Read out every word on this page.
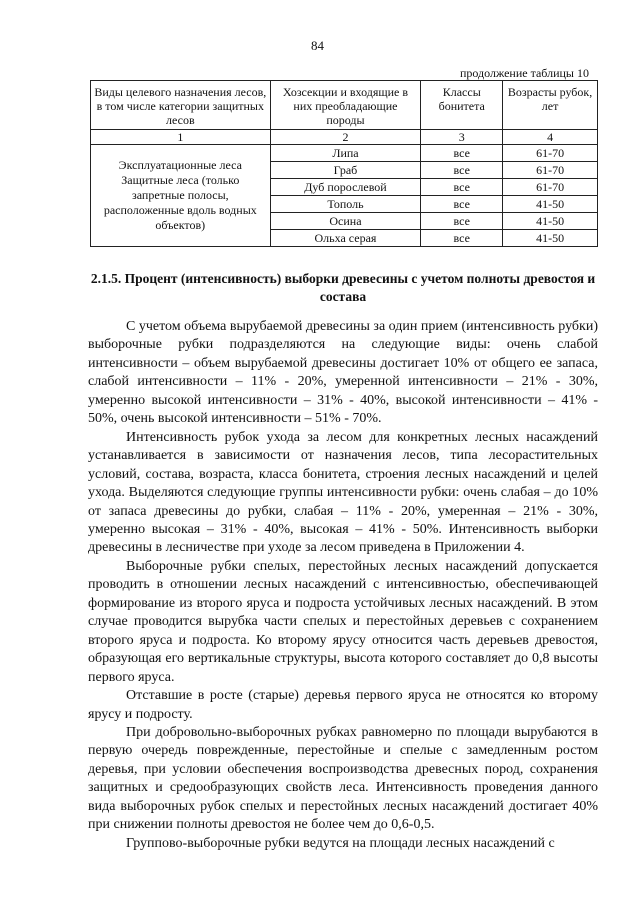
84
продолжение таблицы 10
Виды целевого назначения лесов, в том числе категории защитных лесов	Хозсекции и входящие в них преобладающие породы	Классы бонитета	Возрасты рубок, лет
1	2	3	4
Эксплуатационные леса Защитные леса (только запретные полосы, расположенные вдоль водных объектов)	Липа	все	61-70
	Граб	все	61-70
	Дуб порослевой	все	61-70
	Тополь	все	41-50
	Осина	все	41-50
	Ольха серая	все	41-50
2.1.5. Процент (интенсивность) выборки древесины с учетом полноты древостоя и состава

С учетом объема вырубаемой древесины за один прием (интенсивность рубки) выборочные рубки подразделяются на следующие виды: очень слабой интенсивности – объем вырубаемой древесины достигает 10% от общего ее запаса, слабой интенсивности – 11% - 20%, умеренной интенсивности – 21% - 30%, умеренно высокой интенсивности – 31% - 40%, высокой интенсивности – 41% - 50%, очень высокой интенсивности – 51% - 70%.

Интенсивность рубок ухода за лесом для конкретных лесных насаждений устанавливается в зависимости от назначения лесов, типа лесорастительных условий, состава, возраста, класса бонитета, строения лесных насаждений и целей ухода. Выделяются следующие группы интенсивности рубки: очень слабая – до 10% от запаса древесины до рубки, слабая – 11% - 20%, умеренная – 21% - 30%, умеренно высокая – 31% - 40%, высокая – 41% - 50%. Интенсивность выборки древесины в лесничестве при уходе за лесом приведена в Приложении 4.

Выборочные рубки спелых, перестойных лесных насаждений допускается проводить в отношении лесных насаждений с интенсивностью, обеспечивающей формирование из второго яруса и подроста устойчивых лесных насаждений. В этом случае проводится вырубка части спелых и перестойных деревьев с сохранением второго яруса и подроста. Ко второму ярусу относится часть деревьев древостоя, образующая его вертикальные структуры, высота которого составляет до 0,8 высоты первого яруса.

Отставшие в росте (старые) деревья первого яруса не относятся ко второму ярусу и подросту.

При добровольно-выборочных рубках равномерно по площади вырубаются в первую очередь поврежденные, перестойные и спелые с замедленным ростом деревья, при условии обеспечения воспроизводства древесных пород, сохранения защитных и средообразующих свойств леса. Интенсивность проведения данного вида выборочных рубок спелых и перестойных лесных насаждений достигает 40% при снижении полноты древостоя не более чем до 0,6-0,5.

Группово-выборочные рубки ведутся на площади лесных насаждений с
